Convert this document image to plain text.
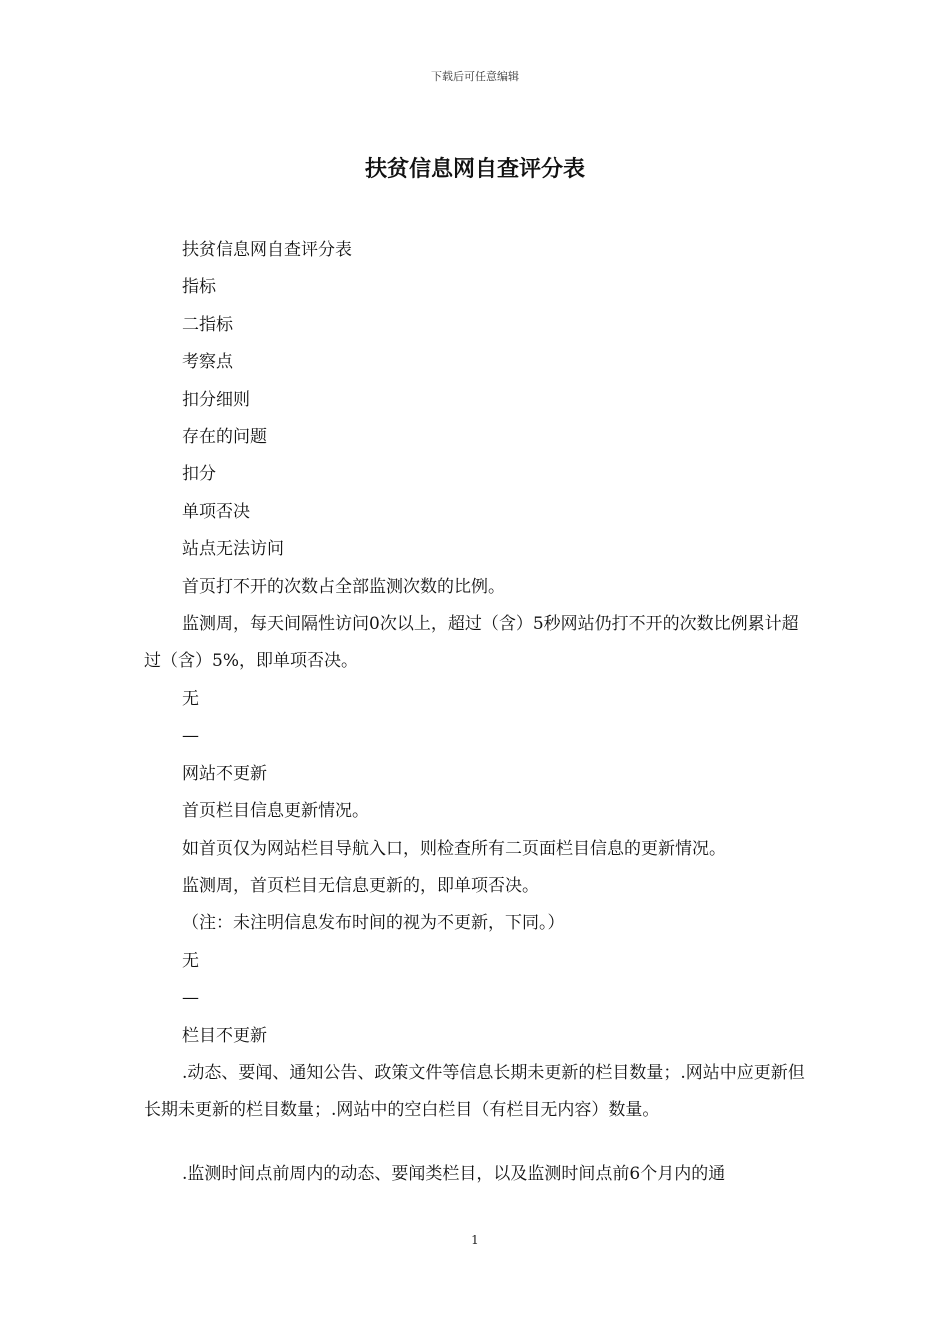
下载后可任意编辑
扶贫信息网自查评分表

扶贫信息网自查评分表

指标

二指标

考察点

扣分细则

存在的问题

扣分

单项否决

站点无法访问

首页打不开的次数占全部监测次数的比例。

监测周，每天间隔性访问0次以上，超过（含）5秒网站仍打不开的次数比例累计超过（含）5%，即单项否决。

无

—

网站不更新

首页栏目信息更新情况。

如首页仅为网站栏目导航入口，则检查所有二页面栏目信息的更新情况。

监测周，首页栏目无信息更新的，即单项否决。

（注：未注明信息发布时间的视为不更新，下同。）

无

—

栏目不更新

.动态、要闻、通知公告、政策文件等信息长期未更新的栏目数量；.网站中应更新但长期未更新的栏目数量；.网站中的空白栏目（有栏目无内容）数量。

.监测时间点前周内的动态、要闻类栏目，以及监测时间点前6个月内的通

1
